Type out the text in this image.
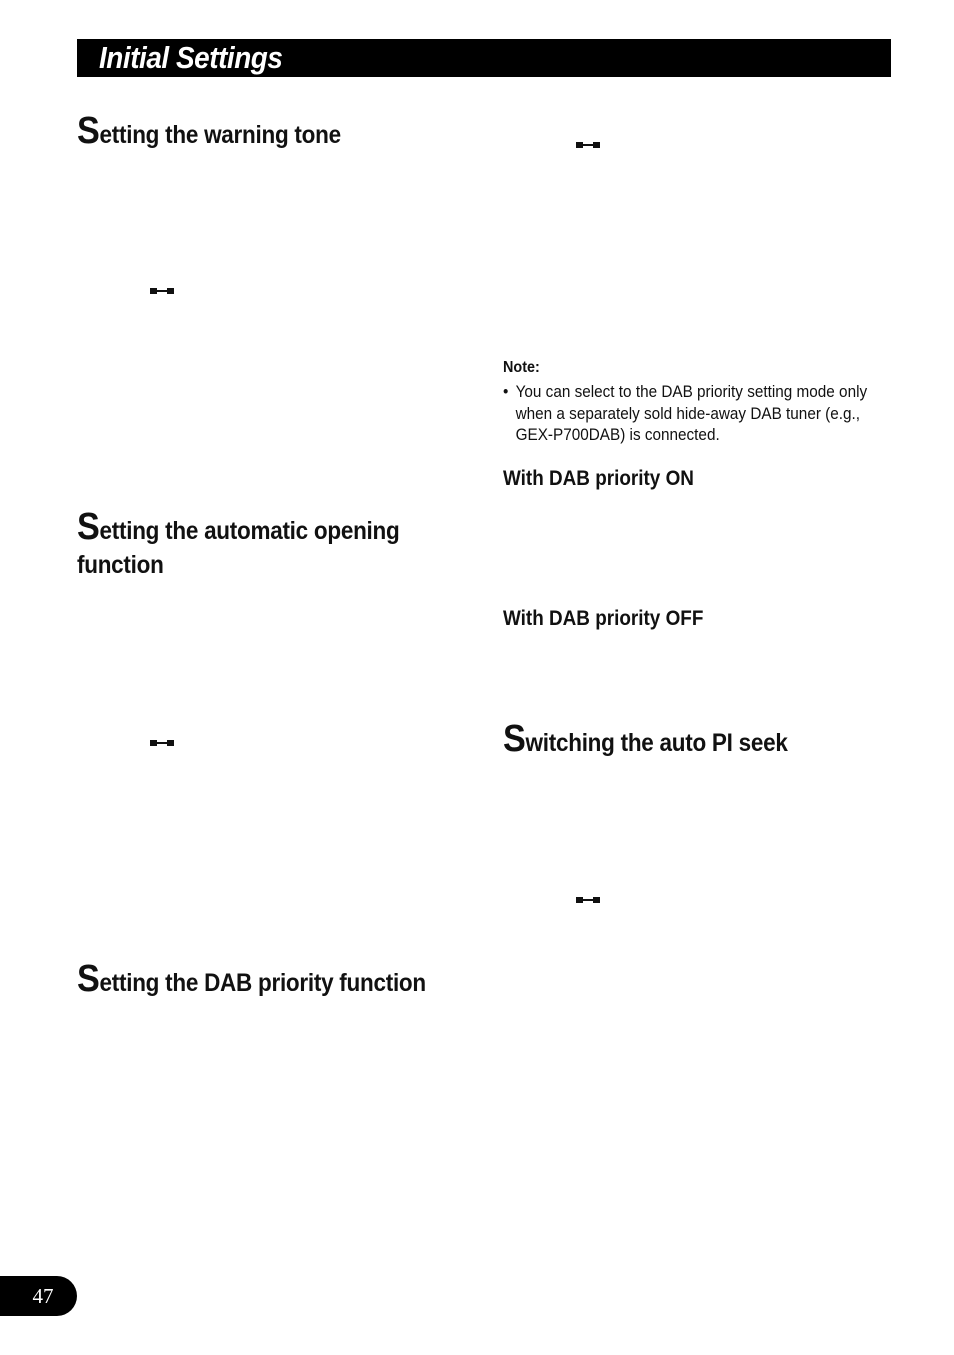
Initial Settings
Setting the warning tone
Setting the automatic opening
function
Setting the DAB priority function
Note:
• You can select to the DAB priority setting mode only when a separately sold hide-away DAB tuner (e.g., GEX-P700DAB) is connected.
With DAB priority ON
With DAB priority OFF
Switching the auto PI seek
47
